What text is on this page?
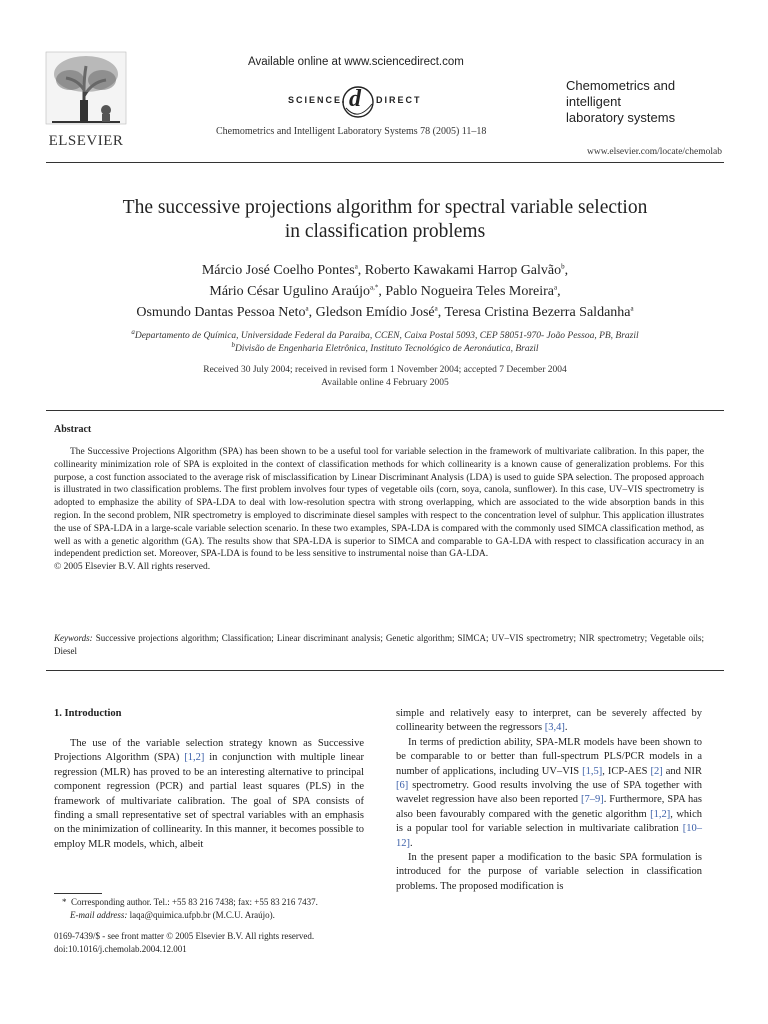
ELSEVIER
Available online at www.sciencedirect.com
SCIENCE d DIRECT
Chemometrics and Intelligent Laboratory Systems 78 (2005) 11–18
Chemometrics and
intelligent
laboratory systems
www.elsevier.com/locate/chemolab
The successive projections algorithm for spectral variable selection
in classification problems
Márcio José Coelho Pontes$^a$, Roberto Kawakami Harrop Galvão$^b$,
Mário César Ugulino Araújo$^{a,*}$, Pablo Nogueira Teles Moreira$^a$,
Osmundo Dantas Pessoa Neto$^a$, Gledson Emídio José$^a$, Teresa Cristina Bezerra Saldanha$^a$
$^a$Departamento de Química, Universidade Federal da Paraiba, CCEN, Caixa Postal 5093, CEP 58051-970- João Pessoa, PB, Brazil
$^b$Divisão de Engenharia Eletrônica, Instituto Tecnológico de Aeronáutica, Brazil
Received 30 July 2004; received in revised form 1 November 2004; accepted 7 December 2004
Available online 4 February 2005
Abstract

The Successive Projections Algorithm (SPA) has been shown to be a useful tool for variable selection in the framework of multivariate calibration. In this paper, the collinearity minimization role of SPA is exploited in the context of classification methods for which collinearity is a known cause of generalization problems. For this purpose, a cost function associated to the average risk of misclassification by Linear Discriminant Analysis (LDA) is used to guide SPA selection. The proposed approach is illustrated in two classification problems. The first problem involves four types of vegetable oils (corn, soya, canola, sunflower). In this case, UV–VIS spectrometry is adopted to emphasize the ability of SPA-LDA to deal with low-resolution spectra with strong overlapping, which are associated to the wide absorption bands in this region. In the second problem, NIR spectrometry is employed to discriminate diesel samples with respect to the concentration level of sulphur. This application illustrates the use of SPA-LDA in a large-scale variable selection scenario. In these two examples, SPA-LDA is compared with the commonly used SIMCA classification method, as well as with a genetic algorithm (GA). The results show that SPA-LDA is superior to SIMCA and comparable to GA-LDA with respect to classification accuracy in an independent prediction set. Moreover, SPA-LDA is found to be less sensitive to instrumental noise than GA-LDA.

© 2005 Elsevier B.V. All rights reserved.

Keywords: Successive projections algorithm; Classification; Linear discriminant analysis; Genetic algorithm; SIMCA; UV–VIS spectrometry; NIR spectrometry; Vegetable oils; Diesel
1. Introduction
The use of the variable selection strategy known as Successive Projections Algorithm (SPA) [1,2] in conjunction with multiple linear regression (MLR) has proved to be an interesting alternative to principal component regression (PCR) and partial least squares (PLS) in the framework of multivariate calibration. The goal of SPA consists of finding a small representative set of spectral variables with an emphasis on the minimization of collinearity. In this manner, it becomes possible to employ MLR models, which, albeit
* Corresponding author. Tel.: +55 83 216 7438; fax: +55 83 216 7437.
E-mail address: laqa@quimica.ufpb.br (M.C.U. Araújo).
0169-7439/$ - see front matter © 2005 Elsevier B.V. All rights reserved.
doi:10.1016/j.chemolab.2004.12.001

simple and relatively easy to interpret, can be severely affected by collinearity between the regressors [3,4].

In terms of prediction ability, SPA-MLR models have been shown to be comparable to or better than full-spectrum PLS/PCR models in a number of applications, including UV–VIS [1,5], ICP-AES [2] and NIR [6] spectrometry. Good results involving the use of SPA together with wavelet regression have also been reported [7–9]. Furthermore, SPA has also been favourably compared with the genetic algorithm [1,2], which is a popular tool for variable selection in multivariate calibration [10–12].

In the present paper a modification to the basic SPA formulation is introduced for the purpose of variable selection in classification problems. The proposed modification is
